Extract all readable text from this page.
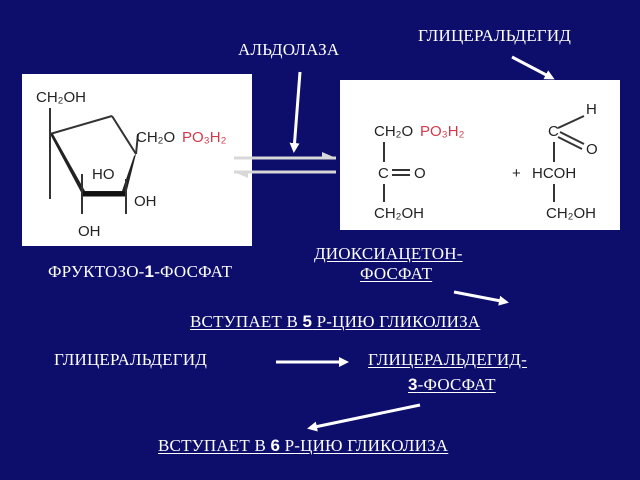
CH₂OH
CH₂O PO₃H₂
HO
OH
OH
CH₂O PO₃H₂
C O
CH₂OH
+
H
C
O
HCOH
CH₂OH
АЛЬДОЛАЗА
ГЛИЦЕРАЛЬДЕГИД
ФРУКТОЗО-1-ФОСФАТ
ДИОКСИАЦЕТОН-
ФОСФАТ
ВСТУПАЕТ В 5 Р-ЦИЮ ГЛИКОЛИЗА
ГЛИЦЕРАЛЬДЕГИД	ГЛИЦЕРАЛЬДЕГИД-
3-ФОСФАТ
ВСТУПАЕТ В 6 Р-ЦИЮ ГЛИКОЛИЗА
